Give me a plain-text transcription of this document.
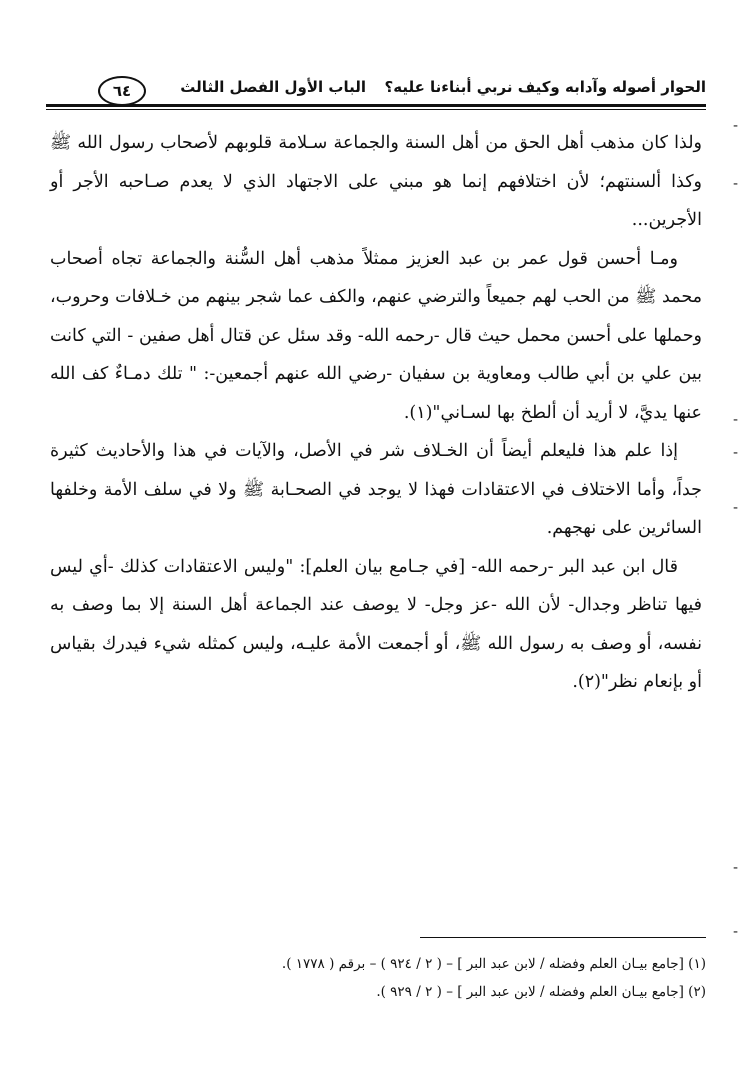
الحوار أصوله وآدابه وكيف نربي أبناءنا عليه؟
الباب الأول الفصل الثالث
٦٤

ولذا كان مذهب أهل الحق من أهل السنة والجماعة سـلامة قلوبهم لأصحاب رسول الله ﷺ وكذا ألسنتهم؛ لأن اختلافهم إنما هو مبني على الاجتهاد الذي لا يعدم صـاحبه الأجر أو الأجرين...

ومـا أحسن قول عمر بن عبد العزيز ممثلاً مذهب أهل السُّنة والجماعة تجاه أصحاب محمد ﷺ من الحب لهم جميعاً والترضي عنهم، والكف عما شجر بينهم من خـلافات وحروب، وحملها على أحسن محمل حيث قال -رحمه الله- وقد سئل عن قتال أهل صفين - التي كانت بين علي بن أبي طالب ومعاوية بن سفيان -رضي الله عنهم أجمعين-: " تلك دمـاءٌ كف الله عنها يديَّ، لا أريد أن ألطخ بها لسـاني"(١).

إذا علم هذا فليعلم أيضاً أن الخـلاف شر في الأصل، والآيات في هذا والأحاديث كثيرة جداً، وأما الاختلاف في الاعتقادات فهذا لا يوجد في الصحـابة ﷺ ولا في سلف الأمة وخلفها السائرين على نهجهم.

قال ابن عبد البر -رحمه الله- [في جـامع بيان العلم]: "وليس الاعتقادات كذلك -أي ليس فيها تناظر وجدال- لأن الله -عز وجل- لا يوصف عند الجماعة أهل السنة إلا بما وصف به نفسه، أو وصف به رسول الله ﷺ، أو أجمعت الأمة عليـه، وليس كمثله شيء فيدرك بقياس أو بإنعام نظر"(٢).

-
-
-
-
-
-
-
(١) [جامع بيـان العلم وفضله / لابن عبد البر ] – ( ٢ / ٩٢٤ ) – برقم ( ١٧٧٨ ).
(٢) [جامع بيـان العلم وفضله / لابن عبد البر ] – ( ٢ / ٩٢٩ ).
